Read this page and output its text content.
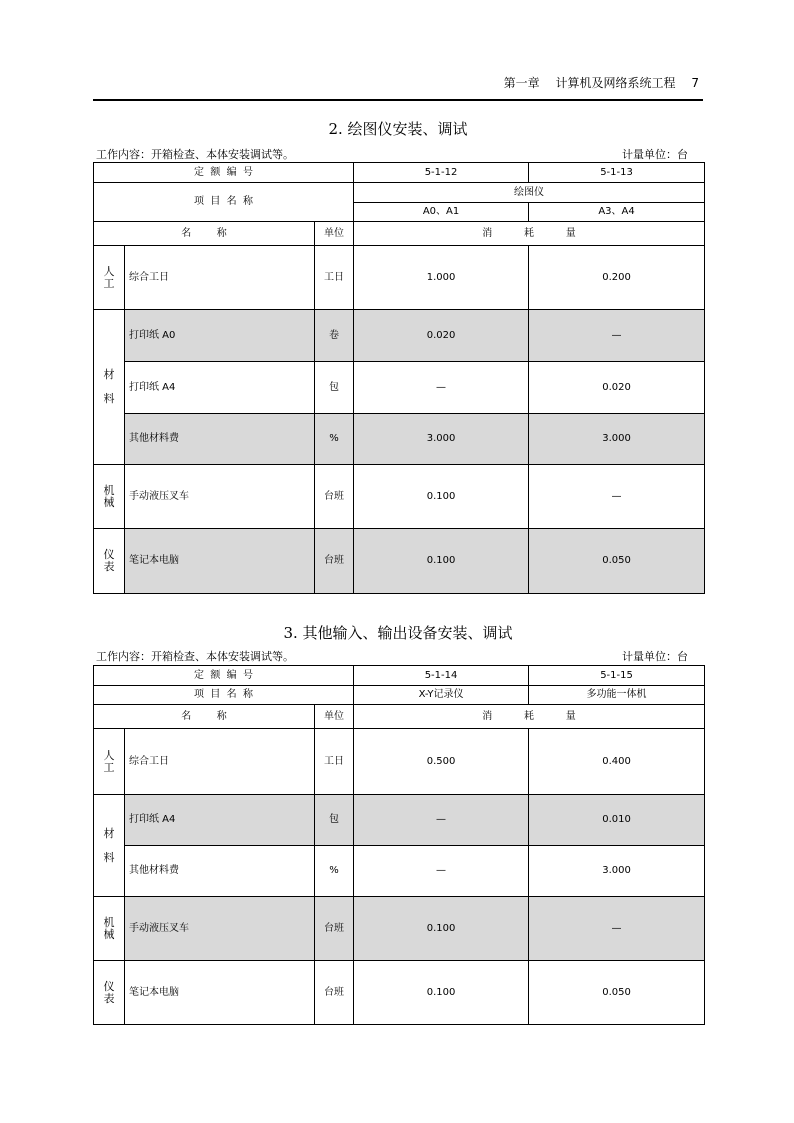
第一章 计算机及网络系统工程 7
2. 绘图仪安装、调试
工作内容：开箱检查、本体安装调试等。	计量单位：台
定  额  编  号			5-1-12	5-1-13
项  目  名  称			绘图仪	
			A0、A1	A3、A4
名        称		单位	消          耗          量	
人
工	综合工日	工日	1.000	0.200
材

料	打印纸 A0	卷	0.020	—
	打印纸 A4	包	—	0.020
	其他材料费	%	3.000	3.000
机
械	手动液压叉车	台班	0.100	—
仪
表	笔记本电脑	台班	0.100	0.050
3. 其他输入、输出设备安装、调试
工作内容：开箱检查、本体安装调试等。	计量单位：台
定  额  编  号			5-1-14	5-1-15
项  目  名  称			X-Y记录仪	多功能一体机
名        称		单位	消          耗          量	
人
工	综合工日	工日	0.500	0.400
材

料	打印纸 A4	包	—	0.010
	其他材料费	%	—	3.000
机
械	手动液压叉车	台班	0.100	—
仪
表	笔记本电脑	台班	0.100	0.050
